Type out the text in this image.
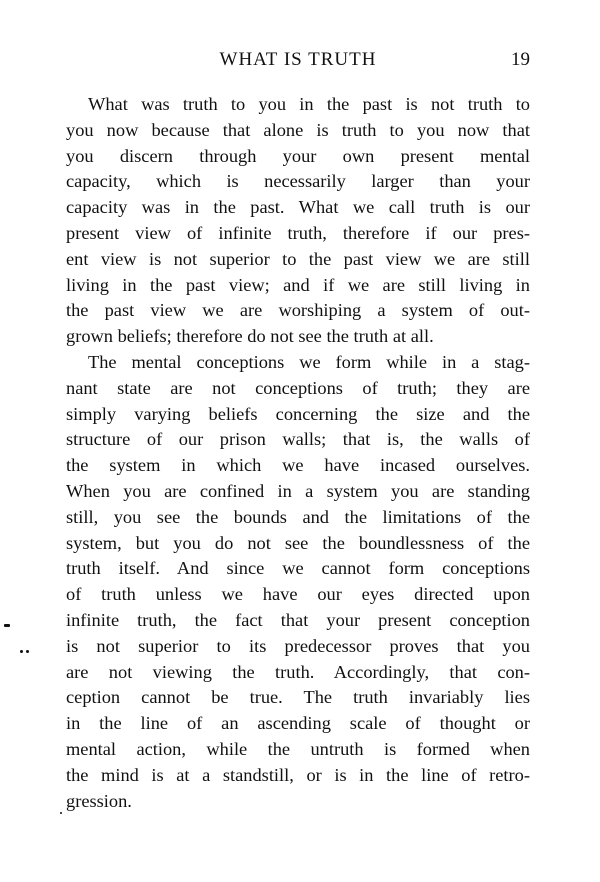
WHAT IS TRUTH	19
What was truth to you in the past is not truth to
you now because that alone is truth to you now that
you discern through your own present mental
capacity, which is necessarily larger than your
capacity was in the past. What we call truth is our
present view of infinite truth, therefore if our pres-
ent view is not superior to the past view we are still
living in the past view; and if we are still living in
the past view we are worshiping a system of out-
grown beliefs; therefore do not see the truth at all.
The mental conceptions we form while in a stag-
nant state are not conceptions of truth; they are
simply varying beliefs concerning the size and the
structure of our prison walls; that is, the walls of
the system in which we have incased ourselves.
When you are confined in a system you are standing
still, you see the bounds and the limitations of the
system, but you do not see the boundlessness of the
truth itself. And since we cannot form conceptions
of truth unless we have our eyes directed upon
infinite truth, the fact that your present conception
is not superior to its predecessor proves that you
are not viewing the truth. Accordingly, that con-
ception cannot be true. The truth invariably lies
in the line of an ascending scale of thought or
mental action, while the untruth is formed when
the mind is at a standstill, or is in the line of retro-
gression.
